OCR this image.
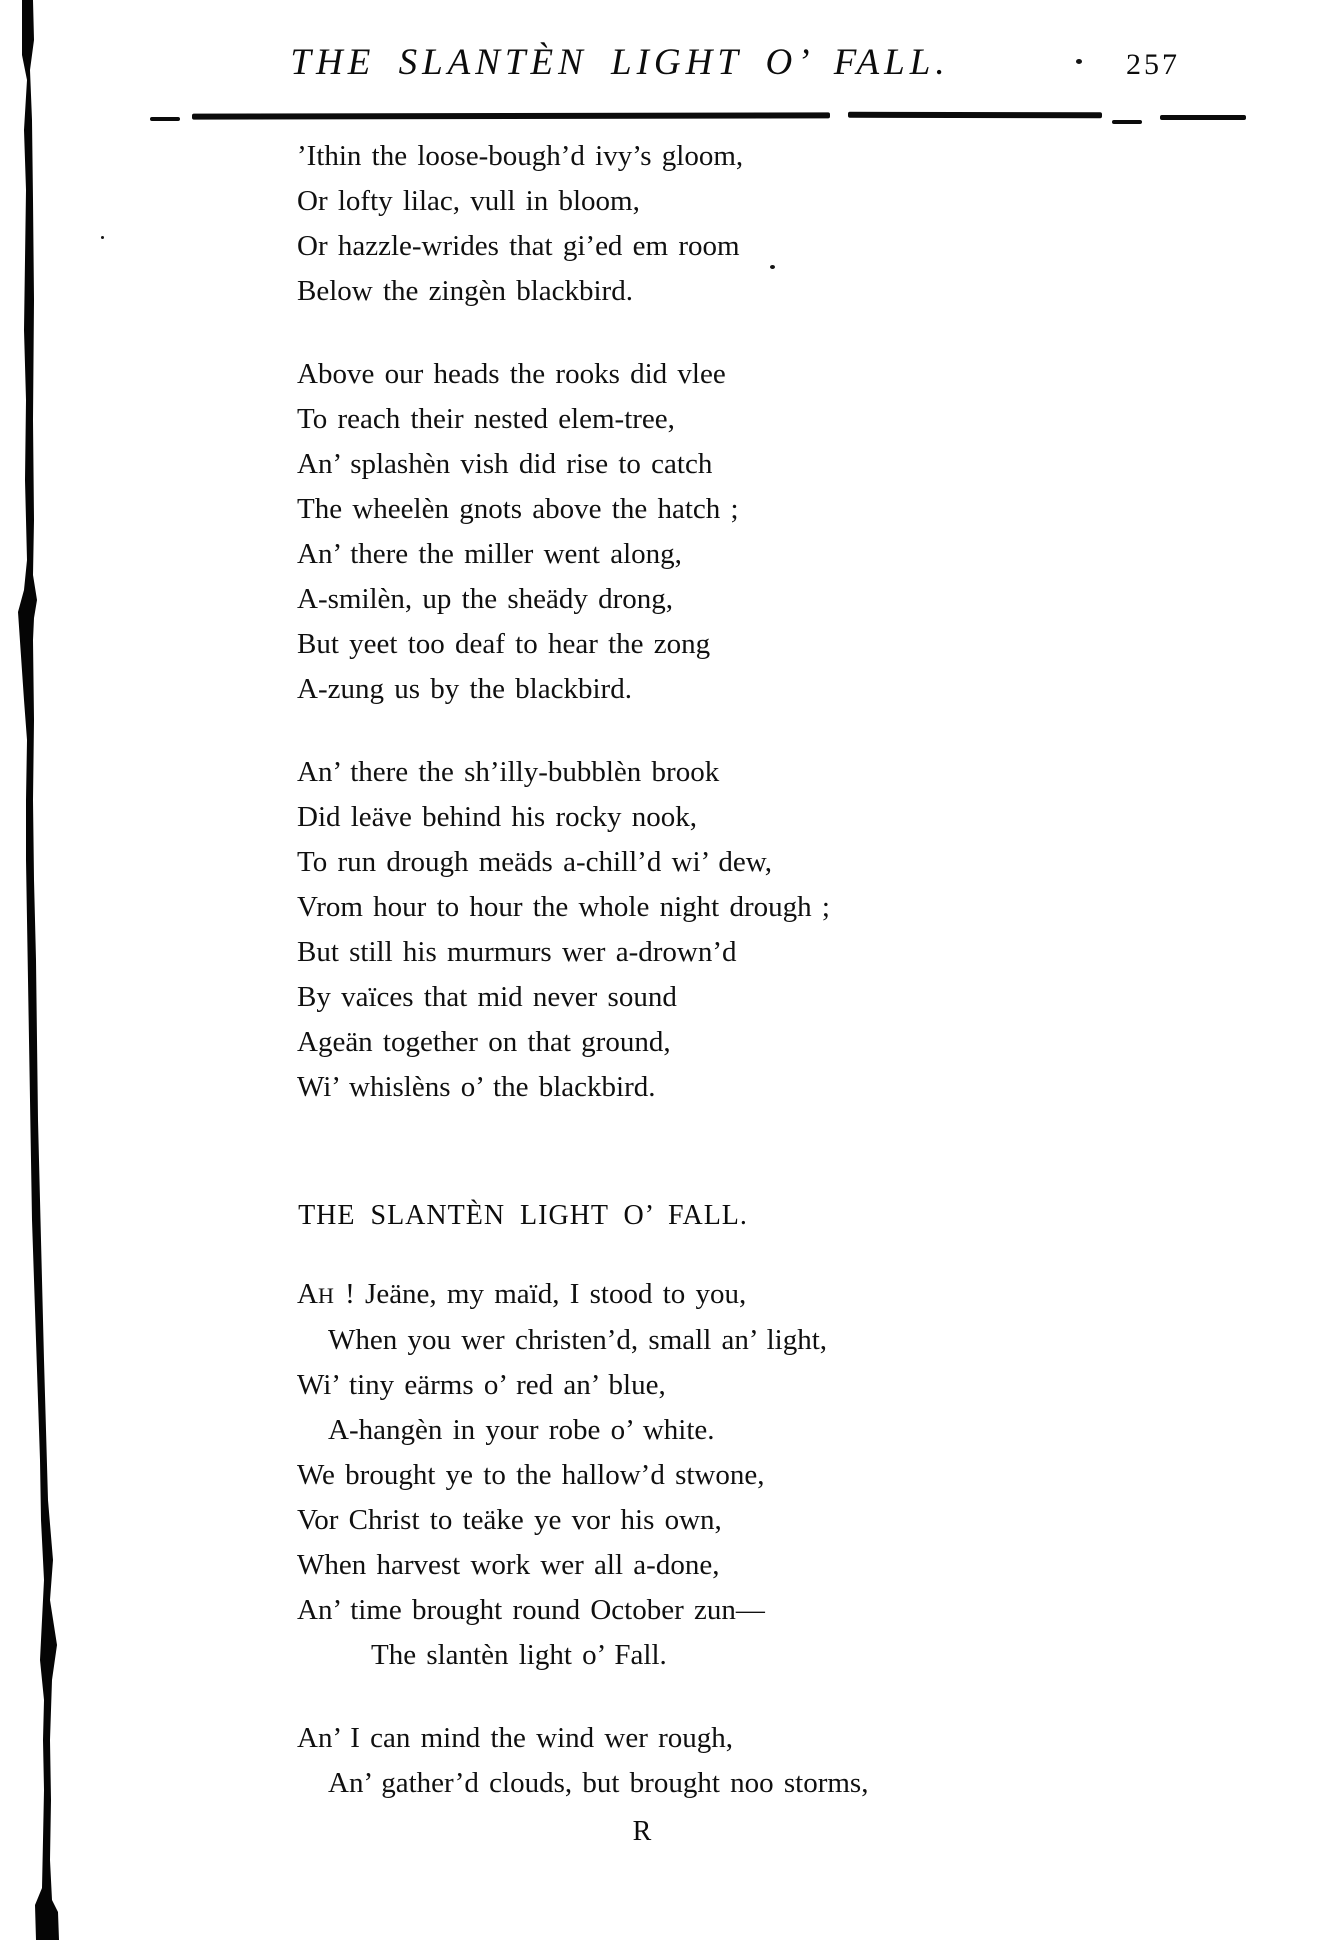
THE SLANTÈN LIGHT O’ FALL.	257
’Ithin the loose-bough’d ivy’s gloom,
Or lofty lilac, vull in bloom,
Or hazzle-wrides that gi’ed em room
Below the zingèn blackbird.
Above our heads the rooks did vlee
To reach their nested elem-tree,
An’ splashèn vish did rise to catch
The wheelèn gnots above the hatch ;
An’ there the miller went along,
A-smilèn, up the sheädy drong,
But yeet too deaf to hear the zong
A-zung us by the blackbird.
An’ there the sh’illy-bubblèn brook
Did leäve behind his rocky nook,
To run drough meäds a-chill’d wi’ dew,
Vrom hour to hour the whole night drough ;
But still his murmurs wer a-drown’d
By vaïces that mid never sound
Ageän together on that ground,
Wi’ whislèns o’ the blackbird.
THE SLANTÈN LIGHT O’ FALL.
AH ! Jeäne, my maïd, I stood to you,
When you wer christen’d, small an’ light,
Wi’ tiny eärms o’ red an’ blue,
A-hangèn in your robe o’ white.
We brought ye to the hallow’d stwone,
Vor Christ to teäke ye vor his own,
When harvest work wer all a-done,
An’ time brought round October zun—
The slantèn light o’ Fall.
An’ I can mind the wind wer rough,
An’ gather’d clouds, but brought noo storms,
R
